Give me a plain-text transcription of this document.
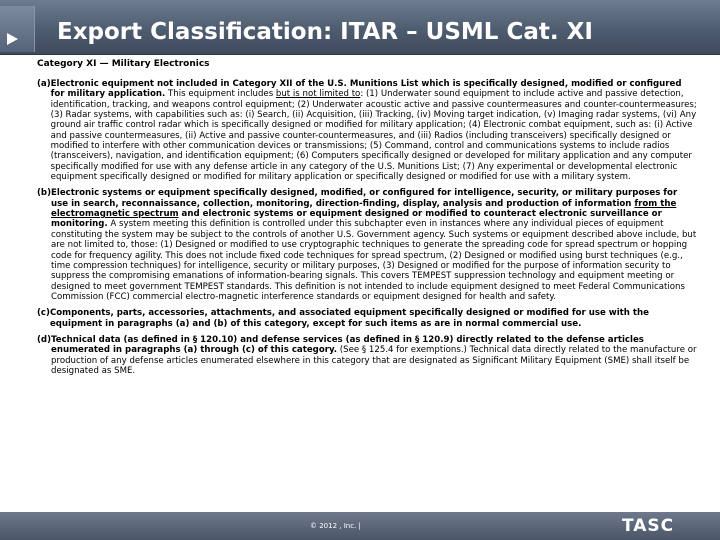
Export Classification: ITAR – USML Cat. XI
Category XI — Military Electronics
(a) Electronic equipment not included in Category XII of the U.S. Munitions List which is specifically designed, modified or configured for military application. This equipment includes but is not limited to: (1) Underwater sound equipment to include active and passive detection, identification, tracking, and weapons control equipment; (2) Underwater acoustic active and passive countermeasures and counter-countermeasures; (3) Radar systems, with capabilities such as: (i) Search, (ii) Acquisition, (iii) Tracking, (iv) Moving target indication, (v) Imaging radar systems, (vi) Any ground air traffic control radar which is specifically designed or modified for military application; (4) Electronic combat equipment, such as: (i) Active and passive countermeasures, (ii) Active and passive counter-countermeasures, and (iii) Radios (including transceivers) specifically designed or modified to interfere with other communication devices or transmissions; (5) Command, control and communications systems to include radios (transceivers), navigation, and identification equipment; (6) Computers specifically designed or developed for military application and any computer specifically modified for use with any defense article in any category of the U.S. Munitions List; (7) Any experimental or developmental electronic equipment specifically designed or modified for military application or specifically designed or modified for use with a military system.
(b) Electronic systems or equipment specifically designed, modified, or configured for intelligence, security, or military purposes for use in search, reconnaissance, collection, monitoring, direction-finding, display, analysis and production of information from the electromagnetic spectrum and electronic systems or equipment designed or modified to counteract electronic surveillance or monitoring. A system meeting this definition is controlled under this subchapter even in instances where any individual pieces of equipment constituting the system may be subject to the controls of another U.S. Government agency. Such systems or equipment described above include, but are not limited to, those: (1) Designed or modified to use cryptographic techniques to generate the spreading code for spread spectrum or hopping code for frequency agility. This does not include fixed code techniques for spread spectrum, (2) Designed or modified using burst techniques (e.g., time compression techniques) for intelligence, security or military purposes, (3) Designed or modified for the purpose of information security to suppress the compromising emanations of information-bearing signals. This covers TEMPEST suppression technology and equipment meeting or designed to meet government TEMPEST standards. This definition is not intended to include equipment designed to meet Federal Communications Commission (FCC) commercial electro-magnetic interference standards or equipment designed for health and safety.
(c) Components, parts, accessories, attachments, and associated equipment specifically designed or modified for use with the equipment in paragraphs (a) and (b) of this category, except for such items as are in normal commercial use.
(d) Technical data (as defined in § 120.10) and defense services (as defined in § 120.9) directly related to the defense articles enumerated in paragraphs (a) through (c) of this category. (See § 125.4 for exemptions.) Technical data directly related to the manufacture or production of any defense articles enumerated elsewhere in this category that are designated as Significant Military Equipment (SME) shall itself be designated as SME.
© 2012 , Inc. |	TASC
